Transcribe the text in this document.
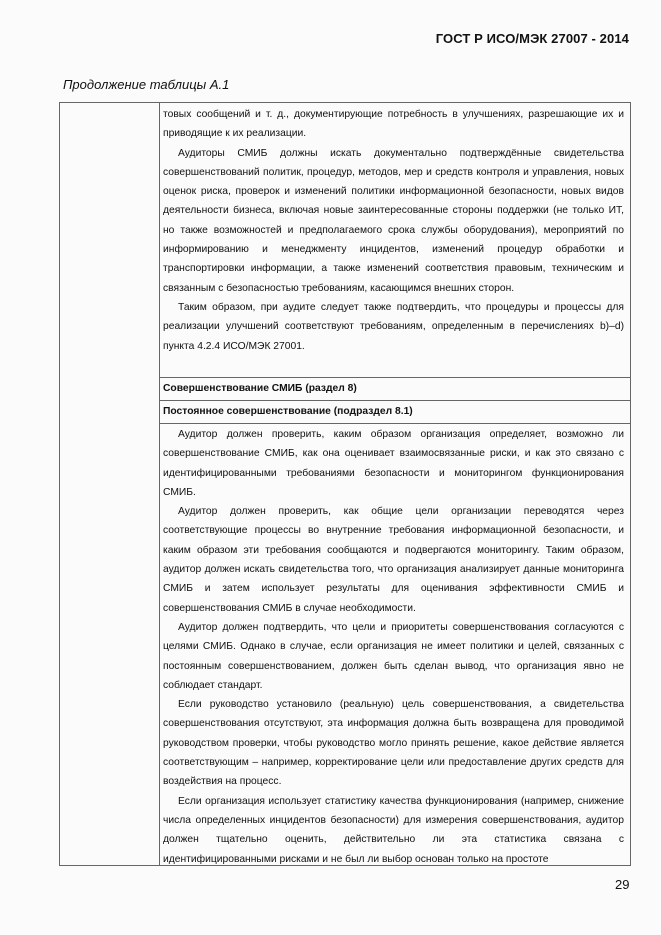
ГОСТ Р ИСО/МЭК 27007 - 2014
Продолжение таблицы А.1

товых сообщений и т. д., документирующие потребность в улучшениях, разрешающие их и приводящие к их реализации.

Аудиторы СМИБ должны искать документально подтверждённые свидетельства совершенствований политик, процедур, методов, мер и средств контроля и управления, новых оценок риска, проверок и изменений политики информационной безопасности, новых видов деятельности бизнеса, включая новые заинтересованные стороны поддержки (не только ИТ, но также возможностей и предполагаемого срока службы оборудования), мероприятий по информированию и менеджменту инцидентов, изменений процедур обработки и транспортировки информации, а также изменений соответствия правовым, техническим и связанным с безопасностью требованиям, касающимся внешних сторон.

Таким образом, при аудите следует также подтвердить, что процедуры и процессы для реализации улучшений соответствуют требованиям, определенным в перечислениях b)–d) пункта 4.2.4 ИСО/МЭК 27001.

Совершенствование СМИБ (раздел 8)
Постоянное совершенствование (подраздел 8.1)

Аудитор должен проверить, каким образом организация определяет, возможно ли совершенствование СМИБ, как она оценивает взаимосвязанные риски, и как это связано с идентифицированными требованиями безопасности и мониторингом функционирования СМИБ.

Аудитор должен проверить, как общие цели организации переводятся через соответствующие процессы во внутренние требования информационной безопасности, и каким образом эти требования сообщаются и подвергаются мониторингу. Таким образом, аудитор должен искать свидетельства того, что организация анализирует данные мониторинга СМИБ и затем использует результаты для оценивания эффективности СМИБ и совершенствования СМИБ в случае необходимости.

Аудитор должен подтвердить, что цели и приоритеты совершенствования согласуются с целями СМИБ. Однако в случае, если организация не имеет политики и целей, связанных с постоянным совершенствованием, должен быть сделан вывод, что организация явно не соблюдает стандарт.

Если руководство установило (реальную) цель совершенствования, а свидетельства совершенствования отсутствуют, эта информация должна быть возвращена для проводимой руководством проверки, чтобы руководство могло принять решение, какое действие является соответствующим – например, корректирование цели или предоставление других средств для воздействия на процесс.

Если организация использует статистику качества функционирования (например, снижение числа определенных инцидентов безопасности) для измерения совершенствования, аудитор должен тщательно оценить, действительно ли эта статистика связана с идентифицированными рисками и не был ли выбор основан только на простоте

29
